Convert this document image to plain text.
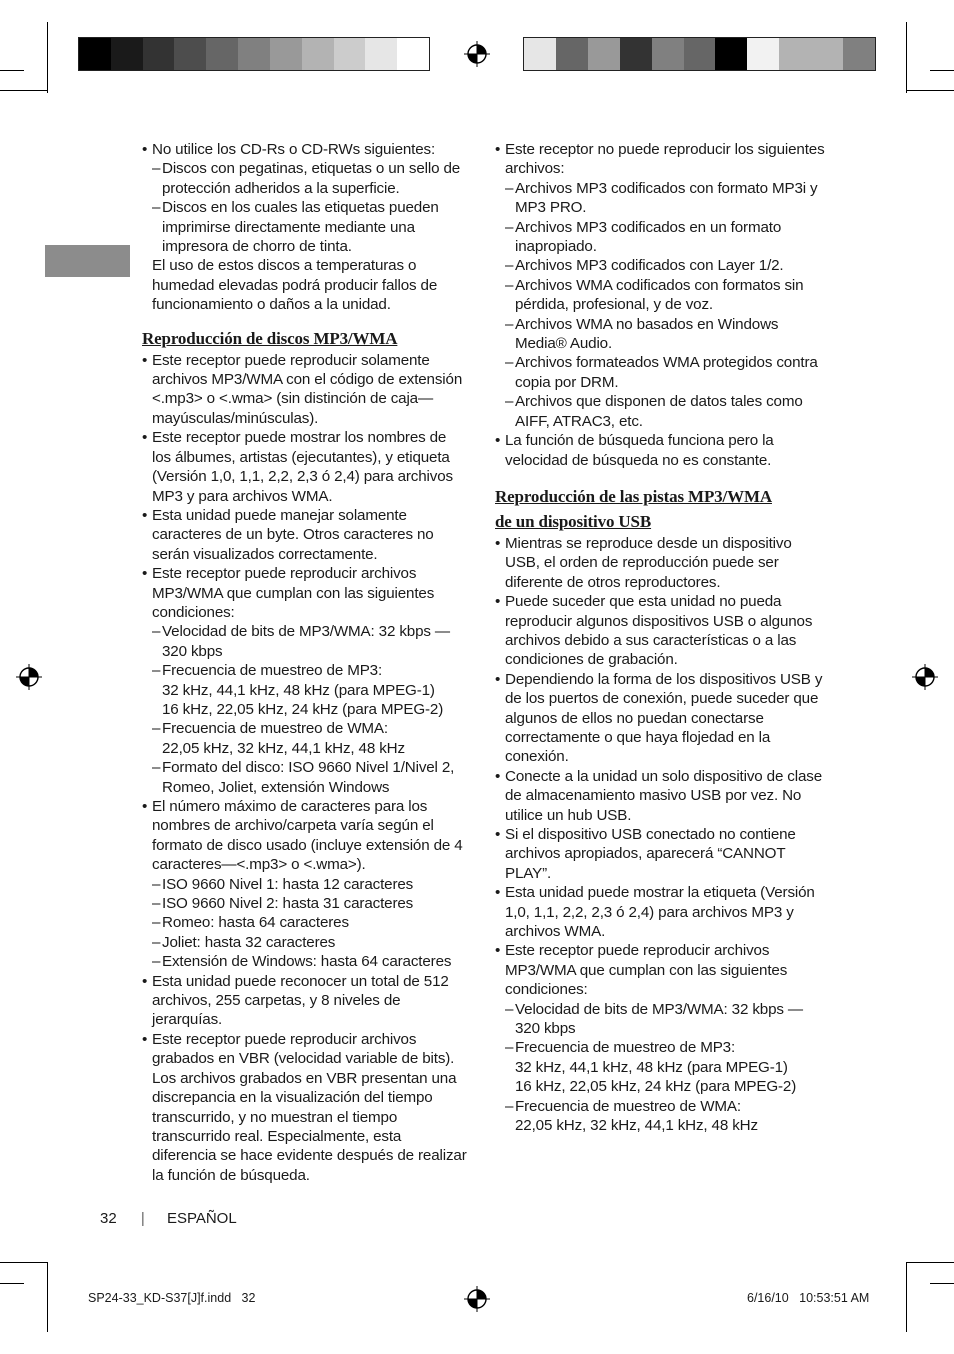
• No utilice los CD-Rs o CD-RWs siguientes:

– Discos con pegatinas, etiquetas o un sello de protección adheridos a la superficie.

– Discos en los cuales las etiquetas pueden imprimirse directamente mediante una impresora de chorro de tinta.

El uso de estos discos a temperaturas o humedad elevadas podrá producir fallos de funcionamiento o daños a la unidad.

Reproducción de discos MP3/WMA

• Este receptor puede reproducir solamente archivos MP3/WMA con el código de extensión <.mp3> o <.wma> (sin distinción de caja—mayúsculas/minúsculas).

• Este receptor puede mostrar los nombres de los álbumes, artistas (ejecutantes), y etiqueta (Versión 1,0, 1,1, 2,2, 2,3 ó 2,4) para archivos MP3 y para archivos WMA.

• Esta unidad puede manejar solamente caracteres de un byte. Otros caracteres no serán visualizados correctamente.

• Este receptor puede reproducir archivos MP3/WMA que cumplan con las siguientes condiciones:

– Velocidad de bits de MP3/WMA: 32 kbps — 320 kbps

– Frecuencia de muestreo de MP3:

32 kHz, 44,1 kHz, 48 kHz (para MPEG-1)

16 kHz, 22,05 kHz, 24 kHz (para MPEG-2)

– Frecuencia de muestreo de WMA:

22,05 kHz, 32 kHz, 44,1 kHz, 48 kHz

– Formato del disco: ISO 9660 Nivel 1/Nivel 2, Romeo, Joliet, extensión Windows

• El número máximo de caracteres para los nombres de archivo/carpeta varía según el formato de disco usado (incluye extensión de 4 caracteres—<.mp3> o <.wma>).

– ISO 9660 Nivel 1: hasta 12 caracteres

– ISO 9660 Nivel 2: hasta 31 caracteres

– Romeo: hasta 64 caracteres

– Joliet: hasta 32 caracteres

– Extensión de Windows: hasta 64 caracteres

• Esta unidad puede reconocer un total de 512 archivos, 255 carpetas, y 8 niveles de jerarquías.

• Este receptor puede reproducir archivos grabados en VBR (velocidad variable de bits). Los archivos grabados en VBR presentan una discrepancia en la visualización del tiempo transcurrido, y no muestran el tiempo transcurrido real. Especialmente, esta diferencia se hace evidente después de realizar la función de búsqueda.

• Este receptor no puede reproducir los siguientes archivos:

– Archivos MP3 codificados con formato MP3i y MP3 PRO.

– Archivos MP3 codificados en un formato inapropiado.

– Archivos MP3 codificados con Layer 1/2.

– Archivos WMA codificados con formatos sin pérdida, profesional, y de voz.

– Archivos WMA no basados en Windows Media® Audio.

– Archivos formateados WMA protegidos contra copia por DRM.

– Archivos que disponen de datos tales como AIFF, ATRAC3, etc.

• La función de búsqueda funciona pero la velocidad de búsqueda no es constante.

Reproducción de las pistas MP3/WMA

de un dispositivo USB

• Mientras se reproduce desde un dispositivo USB, el orden de reproducción puede ser diferente de otros reproductores.

• Puede suceder que esta unidad no pueda reproducir algunos dispositivos USB o algunos archivos debido a sus características o a las condiciones de grabación.

• Dependiendo la forma de los dispositivos USB y de los puertos de conexión, puede suceder que algunos de ellos no puedan conectarse correctamente o que haya flojedad en la conexión.

• Conecte a la unidad un solo dispositivo de clase de almacenamiento masivo USB por vez. No utilice un hub USB.

• Si el dispositivo USB conectado no contiene archivos apropiados, aparecerá “CANNOT PLAY”.

• Esta unidad puede mostrar la etiqueta (Versión 1,0, 1,1, 2,2, 2,3 ó 2,4) para archivos MP3 y archivos WMA.

• Este receptor puede reproducir archivos MP3/WMA que cumplan con las siguientes condiciones:

– Velocidad de bits de MP3/WMA: 32 kbps — 320 kbps

– Frecuencia de muestreo de MP3:

32 kHz, 44,1 kHz, 48 kHz (para MPEG-1)

16 kHz, 22,05 kHz, 24 kHz (para MPEG-2)

– Frecuencia de muestreo de WMA:

22,05 kHz, 32 kHz, 44,1 kHz, 48 kHz

32 | ESPAÑOL
SP24-33_KD-S37[J]f.indd   32	6/16/10   10:53:51 AM
